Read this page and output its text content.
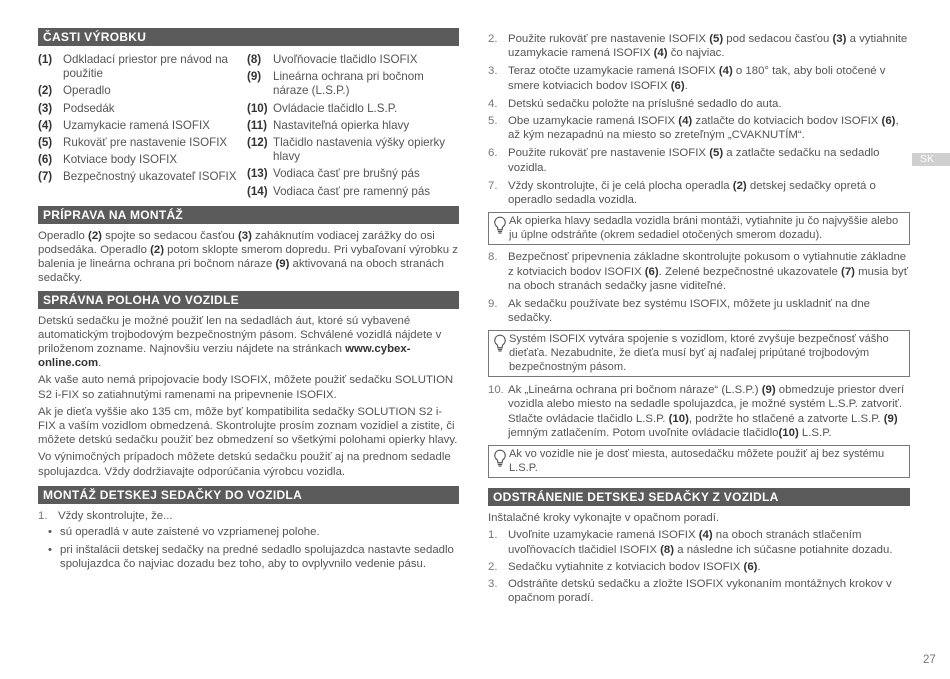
ČASTI VÝROBKU
(1) Odkladací priestor pre návod na použitie
(2) Operadlo
(3) Podsedák
(4) Uzamykacie ramená ISOFIX
(5) Rukoväť pre nastavenie ISOFIX
(6) Kotviace body ISOFIX
(7) Bezpečnostný ukazovateľ ISOFIX
(8)	Uvoľňovacie tlačidlo ISOFIX
(9)	Lineárna ochrana pri bočnom náraze (L.S.P.)
(10) Ovládacie tlačidlo L.S.P.
(11) Nastaviteľná opierka hlavy
(12) Tlačidlo nastavenia výšky opierky hlavy
(13) Vodiaca časť pre brušný pás
(14) Vodiaca časť pre ramenný pás
PRÍPRAVA NA MONTÁŽ

Operadlo (2) spojte so sedacou časťou (3) zaháknutím vodiacej zarážky do osi podsedáka. Operadlo (2) potom sklopte smerom dopredu. Pri vybaľovaní výrobku z balenia je lineárna ochrana pri bočnom náraze (9) aktivovaná na oboch stranách sedačky.

SPRÁVNA POLOHA VO VOZIDLE

Detskú sedačku je možné použiť len na sedadlách áut, ktoré sú vybavené automatickým trojbodovým bezpečnostným pásom. Schválené vozidlá nájdete v priloženom zozname. Najnovšiu verziu nájdete na stránkach www.cybex-online.com.

Ak vaše auto nemá pripojovacie body ISOFIX, môžete použiť sedačku SOLUTION S2 i-FIX so zatiahnutými ramenami na pripevnenie ISOFIX.

Ak je dieťa vyššie ako 135 cm, môže byť kompatibilita sedačky SOLUTION S2 i-FIX a vaším vozidlom obmedzená. Skontrolujte prosím zoznam vozidiel a zistite, či môžete detskú sedačku použiť bez obmedzení so všetkými polohami opierky hlavy.

Vo výnimočných prípadoch môžete detskú sedačku použiť aj na prednom sedadle spolujazdca. Vždy dodržiavajte odporúčania výrobcu vozidla.

MONTÁŽ DETSKEJ SEDAČKY DO VOZIDLA
1. Vždy skontrolujte, že...
• sú operadlá v aute zaistené vo vzpriamenej polohe.
• pri inštalácii detskej sedačky na predné sedadlo spolujazdca nastavte sedadlo spolujazdca čo najviac dozadu bez toho, aby to ovplyvnilo vedenie pásu.
2. Použite rukoväť pre nastavenie ISOFIX (5) pod sedacou časťou (3) a vytiahnite uzamykacie ramená ISOFIX (4) čo najviac.
3. Teraz otočte uzamykacie ramená ISOFIX (4) o 180° tak, aby boli otočené v smere kotviacich bodov ISOFIX (6).
4. Detskú sedačku položte na príslušné sedadlo do auta.
5. Obe uzamykacie ramená ISOFIX (4) zatlačte do kotviacich bodov ISOFIX (6), až kým nezapadnú na miesto so zreteľným „CVAKNUTÍM“.
6. Použite rukoväť pre nastavenie ISOFIX (5) a zatlačte sedačku na sedadlo vozidla.
7. Vždy skontrolujte, či je celá plocha operadla (2) detskej sedačky opretá o operadlo sedadla vozidla.
Ak opierka hlavy sedadla vozidla bráni montáži, vytiahnite ju čo najvyššie alebo ju úplne odstráňte (okrem sedadiel otočených smerom dozadu).
8. Bezpečnosť pripevnenia základne skontrolujte pokusom o vytiahnutie základne z kotviacich bodov ISOFIX (6). Zelené bezpečnostné ukazovatele (7) musia byť na oboch stranách sedačky jasne viditeľné.
9. Ak sedačku používate bez systému ISOFIX, môžete ju uskladniť na dne sedačky.
Systém ISOFIX vytvára spojenie s vozidlom, ktoré zvyšuje bezpečnosť vášho dieťaťa. Nezabudnite, že dieťa musí byť aj naďalej pripútané trojbodovým bezpečnostným pásom.
10. Ak „Lineárna ochrana pri bočnom náraze“ (L.S.P.) (9) obmedzuje priestor dverí vozidla alebo miesto na sedadle spolujazdca, je možné systém L.S.P. zatvoriť. Stlačte ovládacie tlačidlo L.S.P. (10), podržte ho stlačené a zatvorte L.S.P. (9) jemným zatlačením. Potom uvoľnite ovládacie tlačidlo(10) L.S.P.
Ak vo vozidle nie je dosť miesta, autosedačku môžete použiť aj bez systému L.S.P.
ODSTRÁNENIE DETSKEJ SEDAČKY Z VOZIDLA

Inštalačné kroky vykonajte v opačnom poradí.

1. Uvoľnite uzamykacie ramená ISOFIX (4) na oboch stranách stlačením uvoľňovacích tlačidiel ISOFIX (8) a následne ich súčasne potiahnite dozadu.
2. Sedačku vytiahnite z kotviacich bodov ISOFIX (6).
3. Odstráňte detskú sedačku a zložte ISOFIX vykonaním montážnych krokov v opačnom poradí.
SK
27
